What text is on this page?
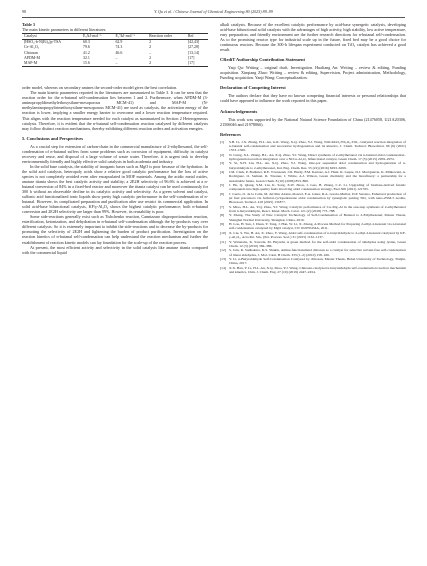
98	Y. Qu et al. / Chinese Journal of Chemical Engineering 80 (2025) 89–99
Table 3
The main kinetic parameters in different literatures.
Catalyst	Eₐ/kJ·mol⁻¹	Eₐ′/kJ·mol⁻¹	Reaction order	Ref.
[HSO₃-b-N(Et)₃]p-TSA	60.3	62.9	2	[42,43]
Ce-Al₂O₃	79.6	74.3	2	[27,28]
Chitosan	41.2	46.6	–	[13,14]
APDM-M	32.1	–	2	[17]
MAP-M	15.6	–	2	[17]

order model, whereas on secondary amines the second-order model gives the best correlation.

The main kinetic parameters reported in the literatures are summarized in Table 3. It can be seen that the reaction order for the n-butanal self-condensation lies between 1 and 2. Furthermore, when APDM-M (3-aminopropyldimethylethoxysilane-mesoporous MCM-41) and MAP-M (N-methylaminopropyltrimethoxysilane-mesoporous MCM-41) are used as catalysts, the activation energy of the reaction is lower, implying a smaller energy barrier to overcome and a lower reaction temperature required. This aligns with the reaction temperature needed for each catalyst as summarized in Section 2 Heterogeneous catalysts. Therefore, it is evident that the n-butanal self-condensation reaction catalyzed by different catalysts may follow distinct reaction mechanisms, thereby exhibiting different reaction orders and activation energies.

5. Conclusions and Perspectives

As a crucial step for extension of carbon-chain in the commercial manufacture of 2-ethylhexanol, the self-condensation of n-butanal suffers from some problems such as corrosion of equipment, difficulty in catalyst recovery and reuse, and disposal of a large volume of waste water. Therefore, it is urgent task to develop environmentally friendly and highly effective solid catalysts in both academia and industry.

In the solid base catalysts, the stability of inorganic bases such as MgO is poor because of the hydration. In the solid acid catalysts, heteropoly acids show a relative good catalytic performance but the loss of active species is not completely avoided even after encapsulated in MOF materials. Among the acidic metal oxides, anatase titania shows the best catalytic activity and stability; a 2E2H selectivity of 96.6% is achieved at a n-butanal conversion of 84% in a fixed-bed reactor and moreover the titania catalyst can be used continuously for 300 h without an observable decline in its catalytic activity and selectivity. As a green solvent and catalyst, sulfonic acid functionalized ionic liquids show pretty high catalytic performance in the self-condensation of n-butanal. However, its complicated preparation and purification after use restrict its commercial application. In solid acid-base bifunctional catalysts, KF/γ-Al₂O₃ shows the highest catalytic performance; both n-butanal conversion and 2E2H selectivity are larger than 99%. However, its reusability is poor.

Some side-reactions generally exist such as Tishchenko reaction, Cannizzaro disproportionation reaction, esterification, ketonization, and dehydration in n-butanal self-condensation although the by-products vary over different catalysts. So it is extremely important to inhibit the side-reactions and to decrease the by-products for promoting the selectivity of 2E2H and lightening the burden of product purification. Investigation on the reaction kinetics of n-butanal self-condensation can help understand the reaction mechanism and further the establishment of reaction kinetic models can lay foundation for the scale-up of the reaction process.

At present, the most efficient activity and selectivity in the solid catalysts like anatase titania compared with the commercial liquid

alkali catalysts. Because of the excellent catalytic performance by acid-base synergetic catalysis, developing acid-base bifunctional solid catalysts with the advantages of high activity, high stability, low active temperature, easy preparation, and friendly environment are the further research directions for n-butanal self-condensation. As to the promising reactor type for industrial scale up in the future, fixed bed may be a good choice for continuous reactors. Because the 300-h lifespan experiment conducted on TiO₂ catalyst has achieved a good result.

CRediT Authorship Contribution Statement

Yaqi Qu: Writing – original draft, Investigation. Hualiang An: Writing – review & editing, Funding acquisition. Xinqiang Zhao: Writing – review & editing, Supervision, Project administration, Methodology, Funding acquisition. Yanji Wang: Conceptualization.

Declaration of Competing Interest

The authors declare that they have no known competing financial interests or personal relationships that could have appeared to influence the work reported in this paper.

Acknowledgements

This work was supported by the National Natural Science Foundation of China (21476058, U21A20306, 21506046 and 21978066).

References
[1] S.B. Li, J.X. Zhang, H.L. An, G.R. Wang, X.Q. Zhao, Y.J. Wang, NiO-MoO₃/Nb₂O₅-TiO₂ catalyzed reaction integration of n-butanal self-condensation and successive hydrogenation and its kinetics, J. Chem. Technol. Biotechnol. 96 (6) (2021) 1553–1560.
[2] N. Liang, X.L. Zhang, H.L. An, X.Q. Zhao, Y.J. Wang, Direct synthesis of 2-ethylhexanol via n-butanal aldol condensation–hydrogenation reaction integration over a Ni/Ce-Al₂O₃ bifunctional catalyst, Green Chem. 17 (5) (2015) 2959–2972.
[3] Y. Si, X.H. Liu, H.L. An, X.Q. Zhao, Y.J. Wang, One-pot sequential aldol condensation and hydrogenation of n-butyraldehyde to 2-ethylhexanol, Ind. Eng. Chem. Res. 55 (22) (2016) 6293–6299.
[4] J.M. Clark, P. Bodinier, R.E. Townsend, J.D. Hardy, F.M. Kertesz, A.J. Hunt, R. Luque, D.J. MacQuarrie, K. Milkowski, A. Rodríguez, O. Samuel, R. Tavener, J. White, A.J. Wilson, Green chemistry and the biorefinery: a partnership for a sustainable future, Green Chem. 8 (10) (2006) 853–860.
[5] J. He, Q. Qiang, S.M. Liu, K. Song, X.W. Zhou, J. Guo, B. Zhang, C.Z. Li, Upgrading of biomass-derived furanic compounds into high-quality fuels involving aldol condensation strategy, Fuel 306 (2021) 121765.
[6] J. Cueto, O. de la Calle, M. del Mar Alonso-Doncel, E.A. Giner, R.A. García-Muñoz, D.P. Serrano, Enhanced production of jet fuel precursors via furfural-cyclopentanone aldol condensation by synergistic pairing TiO₂ with nano-ZSM-5 zeolite, Bioresour. Technol. 418 (2025) 131877.
[7] S. Miao, H.L. An, Y.Q. Zhao, Y.J. Wang, Catalytic performance of Cu–Mg–Al in the one-step synthesis of 2-ethylhexanol from n-butyraldehyde, React. Kinet. Mech. Catal. 121 (2) (2018) 773–788.
[8] Y. Zhang, The Study of New Catalytic Technology of Self-Condensation of Butanal to 2-Ethylhexenal, Master Thesis, Shanghai Normal University, Shanghai, China, 2016.
[9] H. Lou, H. Sun, J. Duan, Y. Tang, J. Han, W. Li, X. Zhang, A Process Method for Preparing 2-ethyl-2-hexenal via n-butanal self-condensation catalyzed by MgO catalyst, CN 102070454A, 2011.
[10] X. Liu, S. Wu, H. An, X. Zhao, Y. Wang, Aldol self-condensation of n-butyraldehyde to 2-ethyl-2-hexenal catalyzed by KF-γ-Al₂O₃, Acta Pet. Sin., (Pet. Process. Sect.) 31 (2015) 1132–1137.
[11] Y. Watanabe, K. Sawada, M. Hayashi, A green method for the self-aldol condensation of aldehydes using lysine, Green Chem. 12 (3) (2010) 384–386.
[12] S. Jain, R. Sudhakara, K.S. Shukla, Amine-functionalized chitosan as a catalyst for selective solvent-free self-condensation of linear aldehydes, J. Mol. Catal. B Chem. 333 (1–2) (2010) 158–166.
[13] Y. Li, n-Butyraldehyde Self-Condensation Catalyzed by chitosan, Master Thesis, Hebei University of Technology, Tianjin, China, 2017.
[14] X.X. Han, Y. Li, H.L. An, X.Q. Zhao, Y.J. Wang, Chitosan-catalyzed n-butyraldehyde self-condensation reaction mechanism and kinetics, Chin. J. Chem. Eng. 27 (10) (2019) 2447–2454.
